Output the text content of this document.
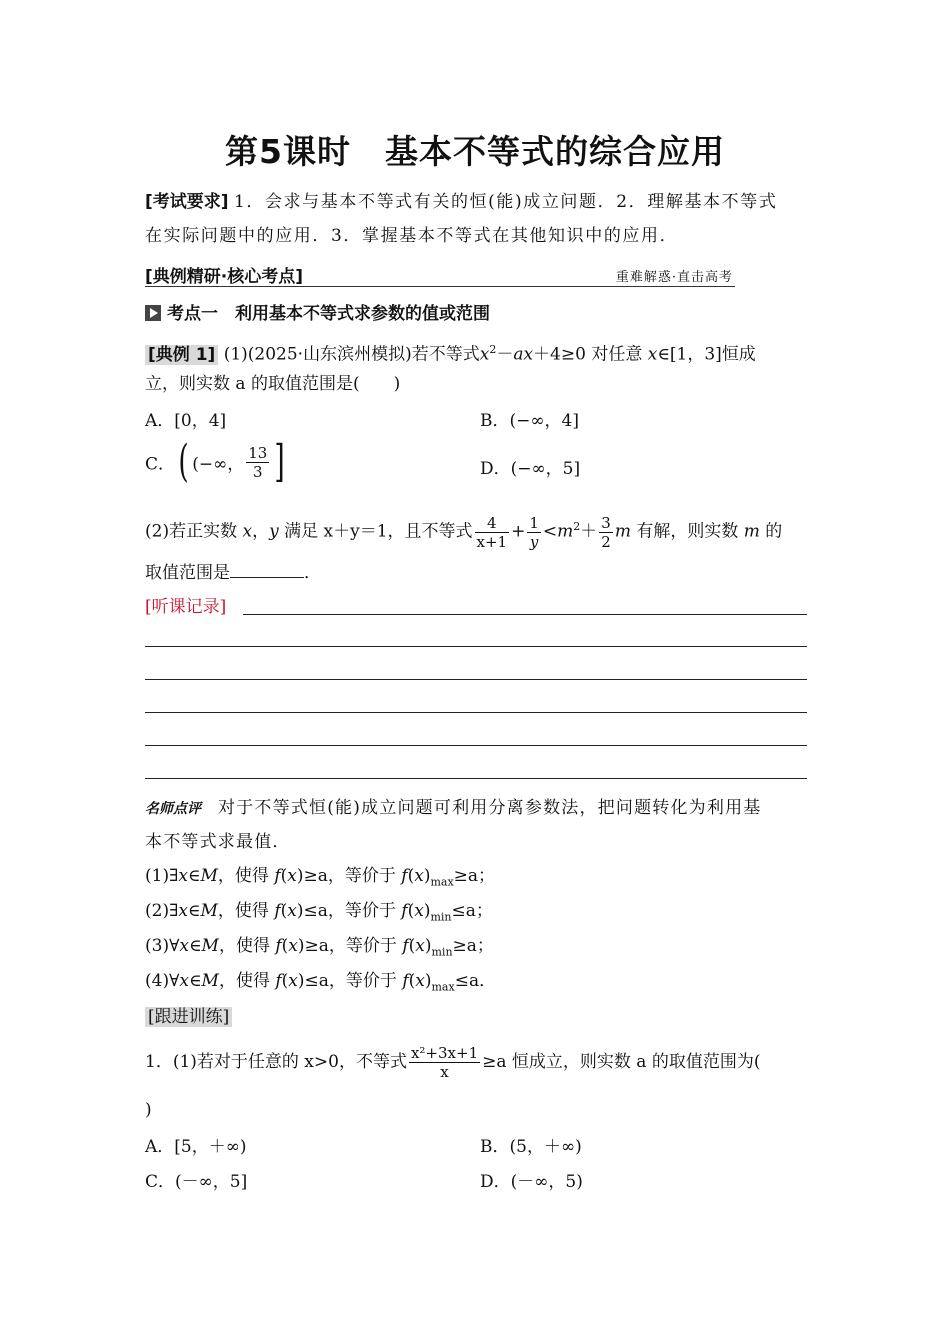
第5课时　基本不等式的综合应用
[考试要求] 1．会求与基本不等式有关的恒(能)成立问题．2．理解基本不等式
在实际问题中的应用．3．掌握基本不等式在其他知识中的应用．
[典例精研·核心考点]	重难解惑·直击高考
考点一　 利用基本不等式求参数的值或范围
[典例 1] (1)(2025·山东滨州模拟)若不等式$x^2-ax+4\ge 0$ 对任意 x∈[1，3]恒成
立，则实数 a 的取值范围是(　　)
A．[0，4]	B．(−∞，4]
C．( (−∞， $\frac{13}{3}$ ]	D．(−∞，5]
(2)若正实数 x，y 满足 x＋y＝1，且不等式 $\frac{4}{x+1} + \frac{1}{y} <m^2+ \frac{3}{2}$ m 有解，则实数 m 的
取值范围是	．
[听课记录]
名师点评　 对于不等式恒(能)成立问题可利用分离参数法，把问题转化为利用基
本不等式求最值．
(1)∃x∈M，使得 f(x)≥a，等价于 $f(x)_{max}\ge a$；
(2)∃x∈M，使得 f(x)≤a，等价于 $f(x)_{min}\le a$；
(3)∀x∈M，使得 f(x)≥a，等价于 $f(x)_{min}\ge a$；
(4)∀x∈M，使得 f(x)≤a，等价于 $f(x)_{max}\le a$．
[跟进训练]
1．(1)若对于任意的 x>0，不等式 $\frac{\text{x²+3x+1}}{x} \ge a$ 恒成立，则实数 a 的取值范围为(
)
A．[5，＋∞)	B．(5，＋∞)
C．(－∞，5]	D．(－∞，5)
